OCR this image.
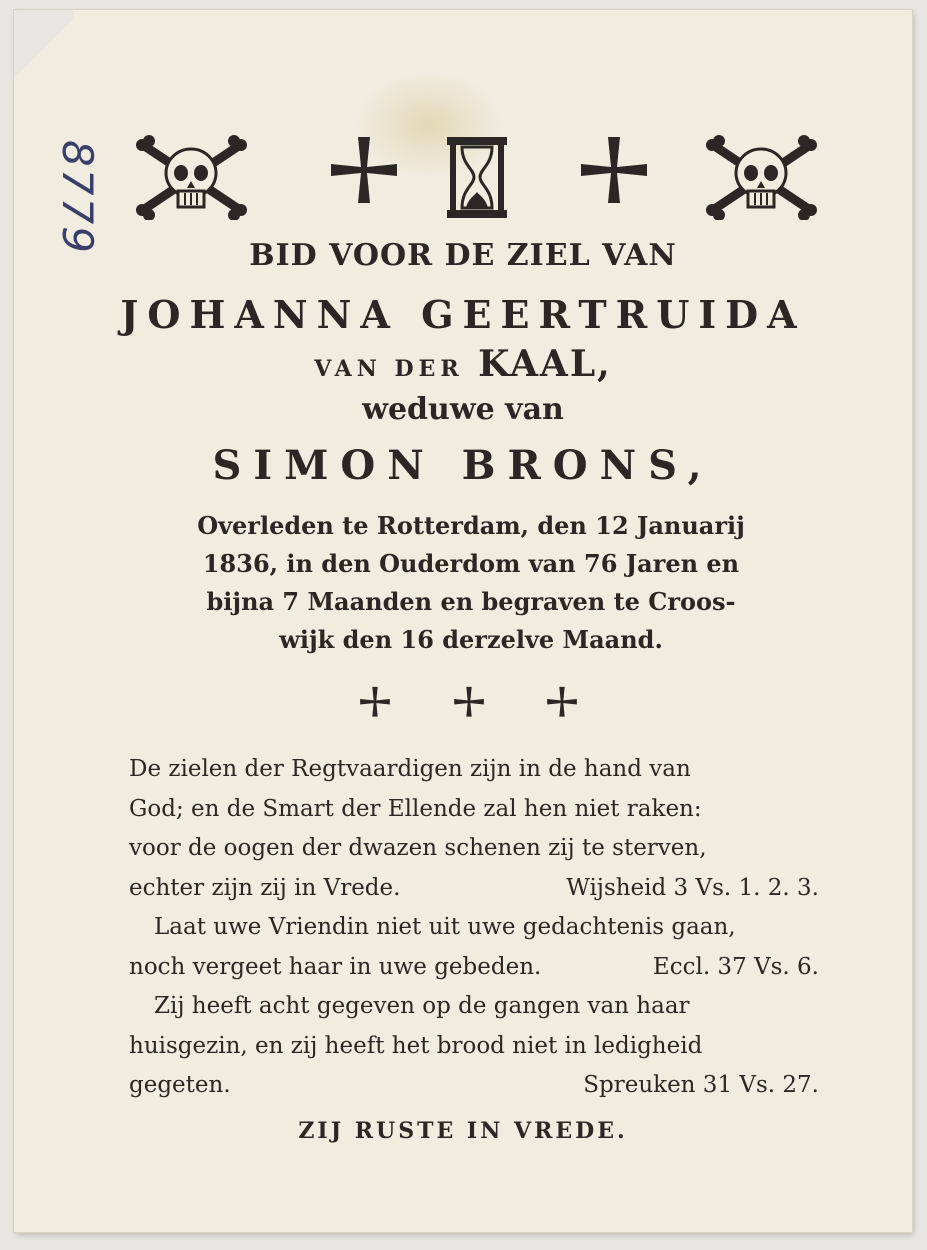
8779
BID VOOR DE ZIEL VAN
JOHANNA GEERTRUIDA
VAN DER KAAL,
weduwe van
SIMON BRONS,
Overleden te Rotterdam, den 12 Januarij
1836, in den Ouderdom van 76 Jaren en
bijna 7 Maanden en begraven te Croos-
wijk den 16 derzelve Maand.
De zielen der Regtvaardigen zijn in de hand van
God; en de Smart der Ellende zal hen niet raken:
voor de oogen der dwazen schenen zij te sterven,
echter zijn zij in Vrede.	Wijsheid 3 Vs. 1. 2. 3.
Laat uwe Vriendin niet uit uwe gedachtenis gaan,
noch vergeet haar in uwe gebeden.	Eccl. 37 Vs. 6.
Zij heeft acht gegeven op de gangen van haar
huisgezin, en zij heeft het brood niet in ledigheid
gegeten.	Spreuken 31 Vs. 27.
ZIJ RUSTE IN VREDE.
